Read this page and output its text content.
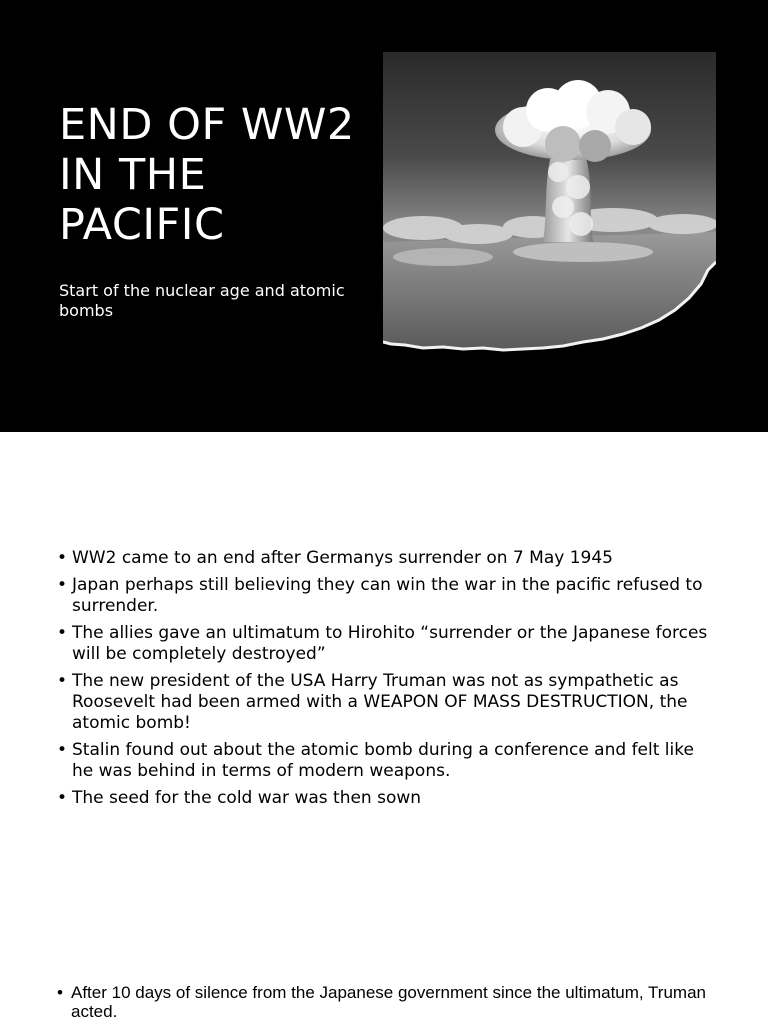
END OF WW2 IN THE PACIFIC
Start of the nuclear age and atomic bombs
• WW2 came to an end after Germanys surrender on 7 May 1945
• Japan perhaps still believing they can win the war in the pacific refused to surrender.
• The allies gave an ultimatum to Hirohito “surrender or the Japanese forces will be completely destroyed”
• The new president of the USA Harry Truman was not as sympathetic as Roosevelt had been armed with a WEAPON OF MASS DESTRUCTION, the atomic bomb!
• Stalin found out about the atomic bomb during a conference and felt like he was behind in terms of modern weapons.
• The seed for the cold war was then sown
• After 10 days of silence from the Japanese government since the ultimatum, Truman acted.
